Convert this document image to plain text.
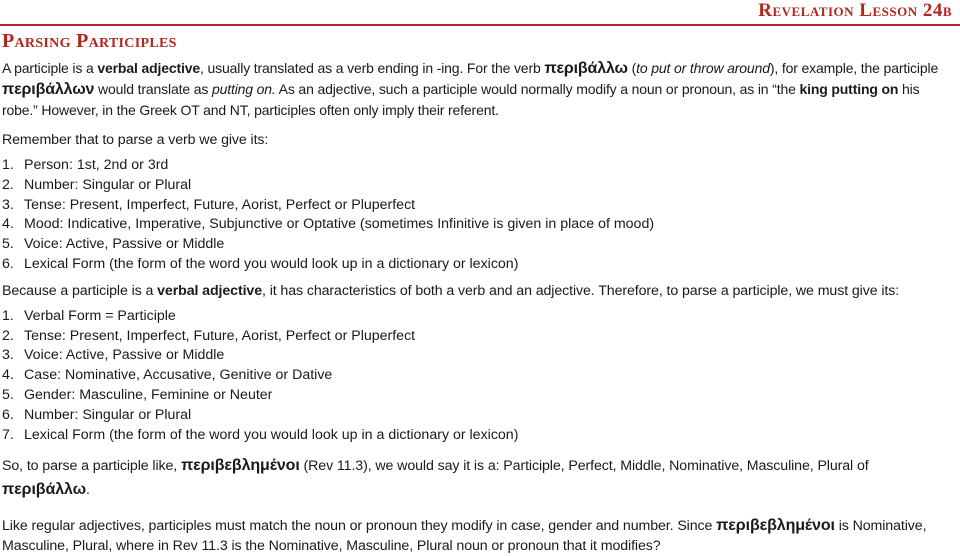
Revelation Lesson 24b
Parsing Participles

A participle is a verbal adjective, usually translated as a verb ending in -ing. For the verb περιβάλλω (to put or throw around), for example, the participle περιβάλλων would translate as putting on. As an adjective, such a participle would normally modify a noun or pronoun, as in “the king putting on his robe.” However, in the Greek OT and NT, participles often only imply their referent.

Remember that to parse a verb we give its:

1. Person: 1st, 2nd or 3rd
2. Number: Singular or Plural
3. Tense: Present, Imperfect, Future, Aorist, Perfect or Pluperfect
4. Mood: Indicative, Imperative, Subjunctive or Optative (sometimes Infinitive is given in place of mood)
5. Voice: Active, Passive or Middle
6. Lexical Form (the form of the word you would look up in a dictionary or lexicon)

Because a participle is a verbal adjective, it has characteristics of both a verb and an adjective. Therefore, to parse a participle, we must give its:

1. Verbal Form = Participle
2. Tense: Present, Imperfect, Future, Aorist, Perfect or Pluperfect
3. Voice: Active, Passive or Middle
4. Case: Nominative, Accusative, Genitive or Dative
5. Gender: Masculine, Feminine or Neuter
6. Number: Singular or Plural
7. Lexical Form (the form of the word you would look up in a dictionary or lexicon)

So, to parse a participle like, περιβεβλημένοι (Rev 11.3), we would say it is a: Participle, Perfect, Middle, Nominative, Masculine, Plural of περιβάλλω.

Like regular adjectives, participles must match the noun or pronoun they modify in case, gender and number. Since περιβεβλημένοι is Nominative, Masculine, Plural, where in Rev 11.3 is the Nominative, Masculine, Plural noun or pronoun that it modifies?
